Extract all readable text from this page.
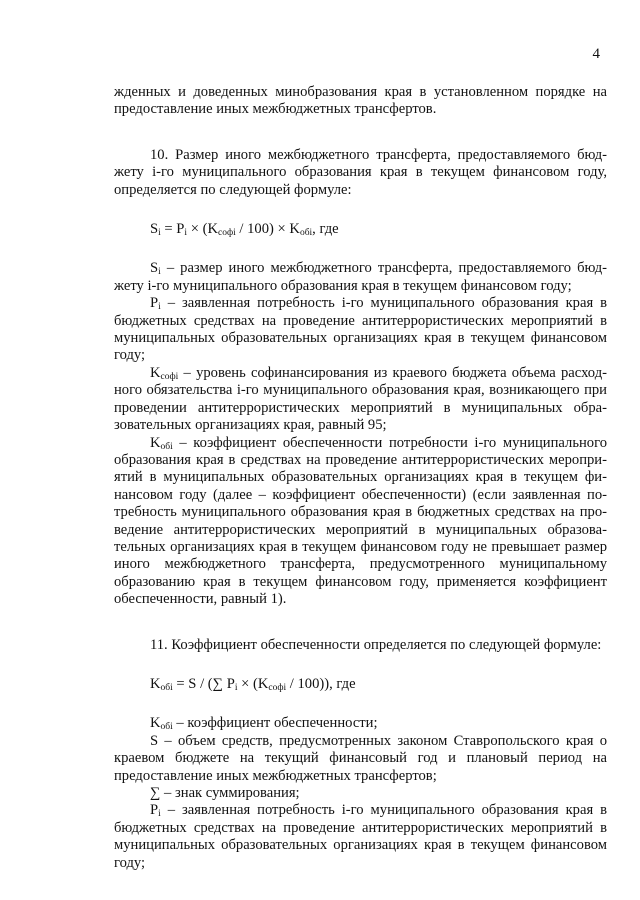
4

жденных и доведенных минобразования края в установленном порядке на предоставление иных межбюджетных трансфертов.

10. Размер иного межбюджетного трансферта, предоставляемого бюджету i-го муниципального образования края в текущем финансовом году, определяется по следующей формуле:

$S_i = P_i \times (K_{софi} / 100) \times K_{обi}$, где

$S_i$ – размер иного межбюджетного трансферта, предоставляемого бюджету i-го муниципального образования края в текущем финансовом году;

$P_i$ – заявленная потребность i-го муниципального образования края в бюджетных средствах на проведение антитеррористических мероприятий в муниципальных образовательных организациях края в текущем финансовом году;

$K_{софi}$ – уровень софинансирования из краевого бюджета объема расходного обязательства i-го муниципального образования края, возникающего при проведении антитеррористических мероприятий в муниципальных образовательных организациях края, равный 95;

$K_{обi}$ – коэффициент обеспеченности потребности i-го муниципального образования края в средствах на проведение антитеррористических мероприятий в муниципальных образовательных организациях края в текущем финансовом году (далее – коэффициент обеспеченности) (если заявленная потребность муниципального образования края в бюджетных средствах на проведение антитеррористических мероприятий в муниципальных образовательных организациях края в текущем финансовом году не превышает размер иного межбюджетного трансферта, предусмотренного муниципальному образованию края в текущем финансовом году, применяется коэффициент обеспеченности, равный 1).

11. Коэффициент обеспеченности определяется по следующей формуле:

$K_{обi} = S$ / (∑ $P_i \times (K_{софi} / 100)$), где

$K_{обi}$ – коэффициент обеспеченности;

S – объем средств, предусмотренных законом Ставропольского края о краевом бюджете на текущий финансовый год и плановый период на предоставление иных межбюджетных трансфертов;

∑ – знак суммирования;

$P_i$ – заявленная потребность i-го муниципального образования края в бюджетных средствах на проведение антитеррористических мероприятий в муниципальных образовательных организациях края в текущем финансовом году;
